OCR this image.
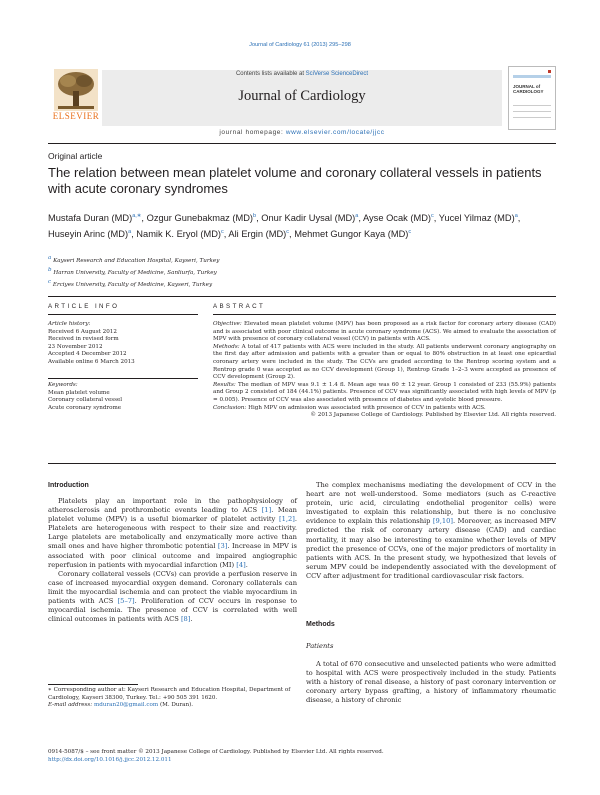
Journal of Cardiology 61 (2013) 295–298
ELSEVIER
Contents lists available at SciVerse ScienceDirect
Journal of Cardiology
journal homepage: www.elsevier.com/locate/jjcc
JOURNAL of CARDIOLOGY
Original article
The relation between mean platelet volume and coronary collateral vessels in patients with acute coronary syndromes
Mustafa Duran (MD)$^{a,∗}$, Ozgur Gunebakmaz (MD)$^b$, Onur Kadir Uysal (MD)$^a$, Ayse Ocak (MD)$^c$, Yucel Yilmaz (MD)$^a$, Huseyin Arinc (MD)$^a$, Namik K. Eryol (MD)$^c$, Ali Ergin (MD)$^c$, Mehmet Gungor Kaya (MD)$^c$
$^a$ Kayseri Research and Education Hospital, Kayseri, Turkey
$^b$ Harran University, Faculty of Medicine, Sanliurfa, Turkey
$^c$ Erciyes University, Faculty of Medicine, Kayseri, Turkey
ARTICLE INFO	ABSTRACT
Article history:
Received 6 August 2012
Received in revised form
23 November 2012
Accepted 4 December 2012
Available online 6 March 2013
Keywords:
Mean platelet volume
Coronary collateral vessel
Acute coronary syndrome
Objective: Elevated mean platelet volume (MPV) has been proposed as a risk factor for coronary artery disease (CAD) and is associated with poor clinical outcome in acute coronary syndrome (ACS). We aimed to evaluate the association of MPV with presence of coronary collateral vessel (CCV) in patients with ACS.
Methods: A total of 417 patients with ACS were included in the study. All patients underwent coronary angiography on the first day after admission and patients with a greater than or equal to 80% obstruction in at least one epicardial coronary artery were included in the study. The CCVs are graded according to the Rentrop scoring system and a Rentrop grade 0 was accepted as no CCV development (Group 1), Rentrop Grade 1–2–3 were accepted as presence of CCV development (Group 2).
Results: The median of MPV was 9.1 ± 1.4 fl. Mean age was 60 ± 12 year. Group 1 consisted of 233 (55.9%) patients and Group 2 consisted of 184 (44.1%) patients. Presence of CCV was significantly associated with high levels of MPV (p = 0.005). Presence of CCV was also associated with presence of diabetes and systolic blood pressure.
Conclusion: High MPV on admission was associated with presence of CCV in patients with ACS.
© 2013 Japanese College of Cardiology. Published by Elsevier Ltd. All rights reserved.
Introduction

Platelets play an important role in the pathophysiology of atherosclerosis and prothrombotic events leading to ACS [1]. Mean platelet volume (MPV) is a useful biomarker of platelet activity [1,2]. Platelets are heterogeneous with respect to their size and reactivity. Large platelets are metabolically and enzymatically more active than small ones and have higher thrombotic potential [3]. Increase in MPV is associated with poor clinical outcome and impaired angiographic reperfusion in patients with myocardial infarction (MI) [4].

Coronary collateral vessels (CCVs) can provide a perfusion reserve in case of increased myocardial oxygen demand. Coronary collaterals can limit the myocardial ischemia and can protect the viable myocardium in patients with ACS [5–7]. Proliferation of CCV occurs in response to myocardial ischemia. The presence of CCV is correlated with well clinical outcomes in patients with ACS [8].

The complex mechanisms mediating the development of CCV in the heart are not well-understood. Some mediators (such as C-reactive protein, uric acid, circulating endothelial progenitor cells) were investigated to explain this relationship, but there is no conclusive evidence to explain this relationship [9,10]. Moreover, as increased MPV predicted the risk of coronary artery disease (CAD) and cardiac mortality, it may also be interesting to examine whether levels of MPV predict the presence of CCVs, one of the major predictors of mortality in patients with ACS. In the present study, we hypothesized that levels of serum MPV could be independently associated with the development of CCV after adjustment for traditional cardiovascular risk factors.

Methods
Patients

A total of 670 consecutive and unselected patients who were admitted to hospital with ACS were prospectively included in the study. Patients with a history of renal disease, a history of past coronary intervention or coronary artery bypass grafting, a history of inflammatory rheumatic disease, a history of chronic

∗ Corresponding author at: Kayseri Research and Education Hospital, Department of Cardiology, Kayseri 38300, Turkey. Tel.: +90 505 391 1620.
E-mail address: mduran20@gmail.com (M. Duran).
0914-5087/$ – see front matter © 2013 Japanese College of Cardiology. Published by Elsevier Ltd. All rights reserved.
http://dx.doi.org/10.1016/j.jjcc.2012.12.011
